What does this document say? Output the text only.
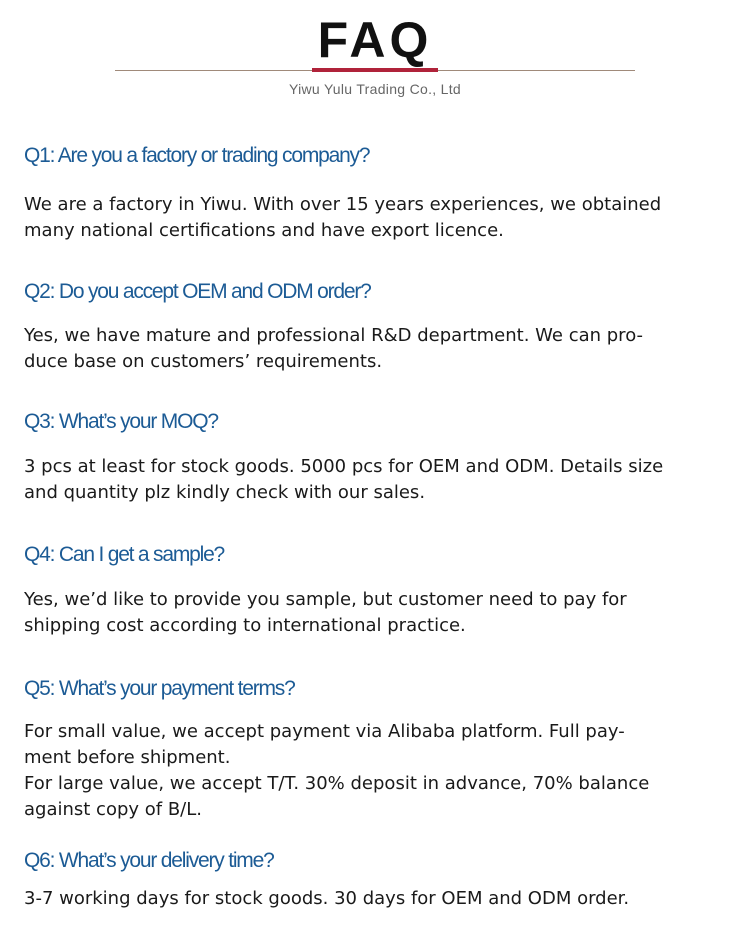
FAQ
Yiwu Yulu Trading Co., Ltd
Q1: Are you a factory or trading company?
We are a factory in Yiwu. With over 15 years experiences, we obtained
many national certifications and have export licence.
Q2: Do you accept OEM and ODM order?
Yes, we have mature and professional R&D department. We can pro-
duce base on customers’ requirements.
Q3: What’s your MOQ?
3 pcs at least for stock goods. 5000 pcs for OEM and ODM. Details size
and quantity plz kindly check with our sales.
Q4: Can I get a sample?
Yes, we’d like to provide you sample, but customer need to pay for
shipping cost according to international practice.
Q5: What’s your payment terms?
For small value, we accept payment via Alibaba platform. Full pay-
ment before shipment.
For large value, we accept T/T. 30% deposit in advance, 70% balance
against copy of B/L.
Q6: What’s your delivery time?
3-7 working days for stock goods. 30 days for OEM and ODM order.
